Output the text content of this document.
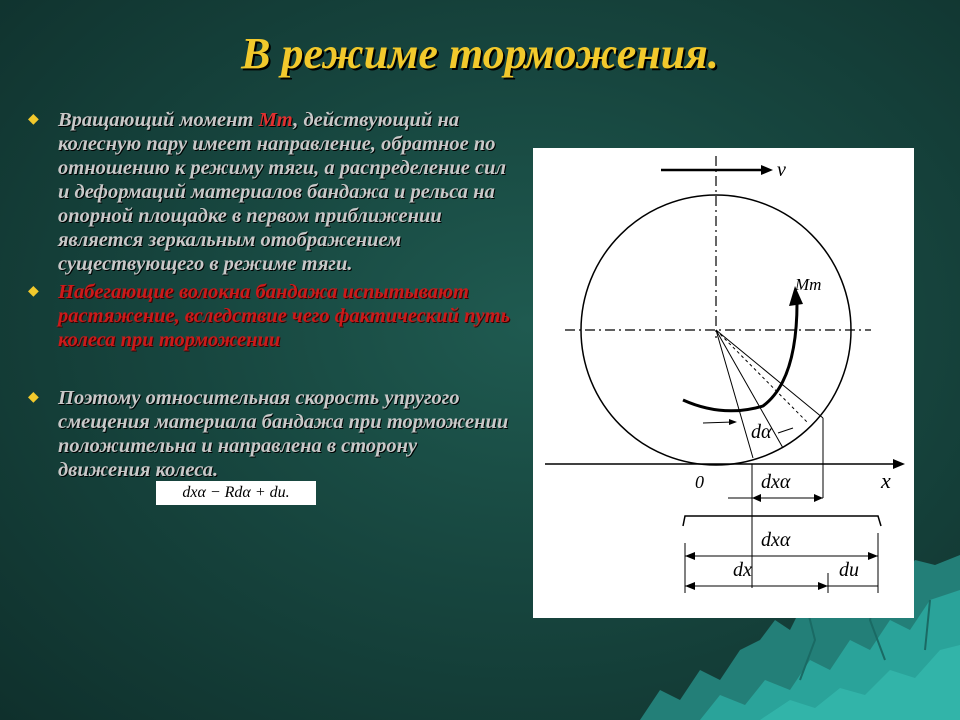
В режиме торможения.
◆ Вращающий момент Mт, действующий на колесную пару имеет направление, обратное по отношению к режиму тяги, а распределение сил и деформаций материалов бандажа и рельса на опорной площадке в первом приближении является зеркальным отображением существующего в режиме тяги.
◆ Набегающие волокна бандажа испытывают растяжение, вследствие чего фактический путь колеса при торможении
◆ Поэтому относительная скорость упругого смещения материала бандажа при торможении положительна и направлена в сторону движения колеса.
dxα − Rdα + du.
v
Mт
dα
0	x
dxα
dxα
dx	du
